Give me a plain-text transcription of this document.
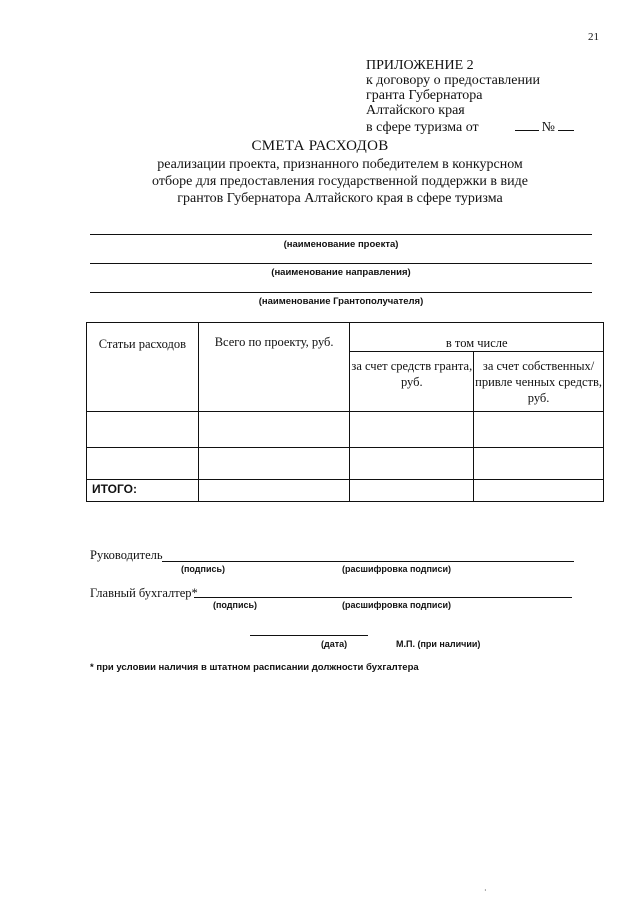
21
ПРИЛОЖЕНИЕ 2
к договору о предоставлении
гранта Губернатора
Алтайского края
в сфере туризма от	№
СМЕТА РАСХОДОВ
реализации проекта, признанного победителем в конкурсном отборе для предоставления государственной поддержки в виде грантов Губернатора Алтайского края в сфере туризма
(наименование проекта)
(наименование направления)
(наименование Грантополучателя)
Статьи расходов	Всего по проекту, руб.	в том числе	
		за счет средств гранта, руб.	за счет собственных/привле ченных средств, руб.

ИТОГО:			
Руководитель
(подпись)	(расшифровка подписи)
Главный бухгалтер*
(подпись)	(расшифровка подписи)
(дата)	М.П. (при наличии)
* при условии наличия в штатном расписании должности бухгалтера
·
